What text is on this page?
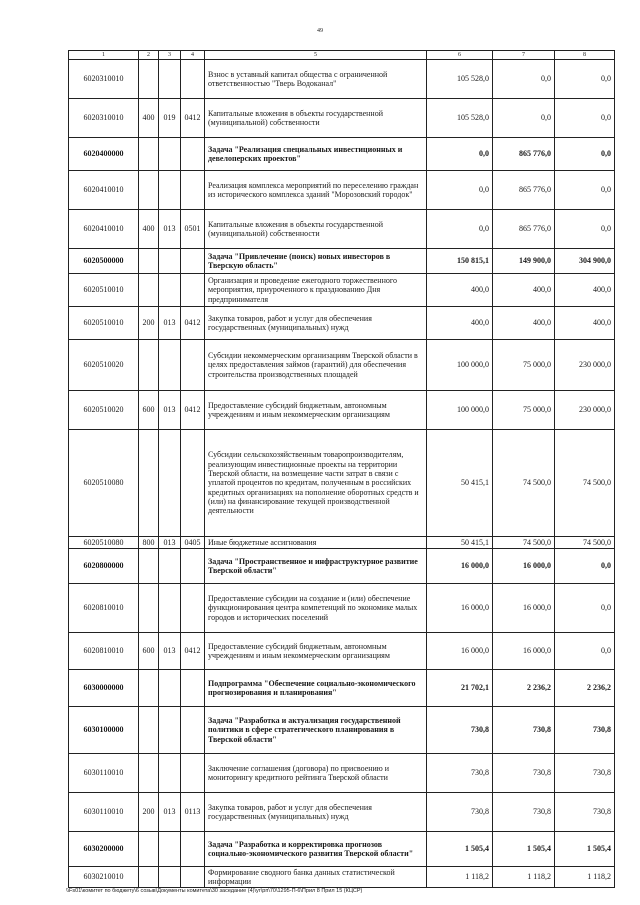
49
1	2	3	4	5	6	7	8
6020310010				Взнос в уставный капитал общества с ограниченной ответственностью "Тверь Водоканал"	105 528,0	0,0	0,0
6020310010	400	019	0412	Капитальные вложения в объекты государственной (муниципальной) собственности	105 528,0	0,0	0,0
6020400000				Задача "Реализация специальных инвестиционных и девелоперских проектов"	0,0	865 776,0	0,0
6020410010				Реализация комплекса мероприятий по переселению граждан из исторического комплекса зданий "Морозовский городок"	0,0	865 776,0	0,0
6020410010	400	013	0501	Капитальные вложения в объекты государственной (муниципальной) собственности	0,0	865 776,0	0,0
6020500000				Задача "Привлечение (поиск) новых инвесторов в Тверскую область"	150 815,1	149 900,0	304 900,0
6020510010				Организация и проведение ежегодного торжественного мероприятия, приуроченного к празднованию Дня предпринимателя	400,0	400,0	400,0
6020510010	200	013	0412	Закупка товаров, работ и услуг для обеспечения государственных (муниципальных) нужд	400,0	400,0	400,0
6020510020				Субсидии некоммерческим организациям Тверской области в целях предоставления займов (гарантий) для обеспечения строительства производственных площадей	100 000,0	75 000,0	230 000,0
6020510020	600	013	0412	Предоставление субсидий бюджетным, автономным учреждениям и иным некоммерческим организациям	100 000,0	75 000,0	230 000,0
6020510080				Субсидии сельскохозяйственным товаропроизводителям, реализующим инвестиционные проекты на территории Тверской области, на возмещение части затрат в связи с уплатой процентов по кредитам, полученным в российских кредитных организациях на пополнение оборотных средств и (или) на финансирование текущей производственной деятельности	50 415,1	74 500,0	74 500,0
6020510080	800	013	0405	Иные бюджетные ассигнования	50 415,1	74 500,0	74 500,0
6020800000				Задача "Пространственное и инфраструктурное развитие Тверской области"	16 000,0	16 000,0	0,0
6020810010				Предоставление субсидии на создание и (или) обеспечение функционирования центра компетенций по экономике малых городов и исторических поселений	16 000,0	16 000,0	0,0
6020810010	600	013	0412	Предоставление субсидий бюджетным, автономным учреждениям и иным некоммерческим организациям	16 000,0	16 000,0	0,0
6030000000				Подпрограмма "Обеспечение социально-экономического прогнозирования и планирования"	21 702,1	2 236,2	2 236,2
6030100000				Задача "Разработка и актуализация государственной политики в сфере стратегического планирования в Тверской области"	730,8	730,8	730,8
6030110010				Заключение соглашения (договора) по присвоению и мониторингу кредитного рейтинга Тверской области	730,8	730,8	730,8
6030110010	200	013	0113	Закупка товаров, работ и услуг для обеспечения государственных (муниципальных) нужд	730,8	730,8	730,8
6030200000				Задача "Разработка и корректировка прогнозов социально-экономического развития Тверской области"	1 505,4	1 505,4	1 505,4
6030210010				Формирование сводного банка данных статистической информации	1 118,2	1 118,2	1 118,2
\\Fs01\комитет по бюджету\6 созыв\Документы комитета\30 заседание (4)\уг\рп\70\1295-П-6\Прил 8 Прил 15 (КЦСР)
